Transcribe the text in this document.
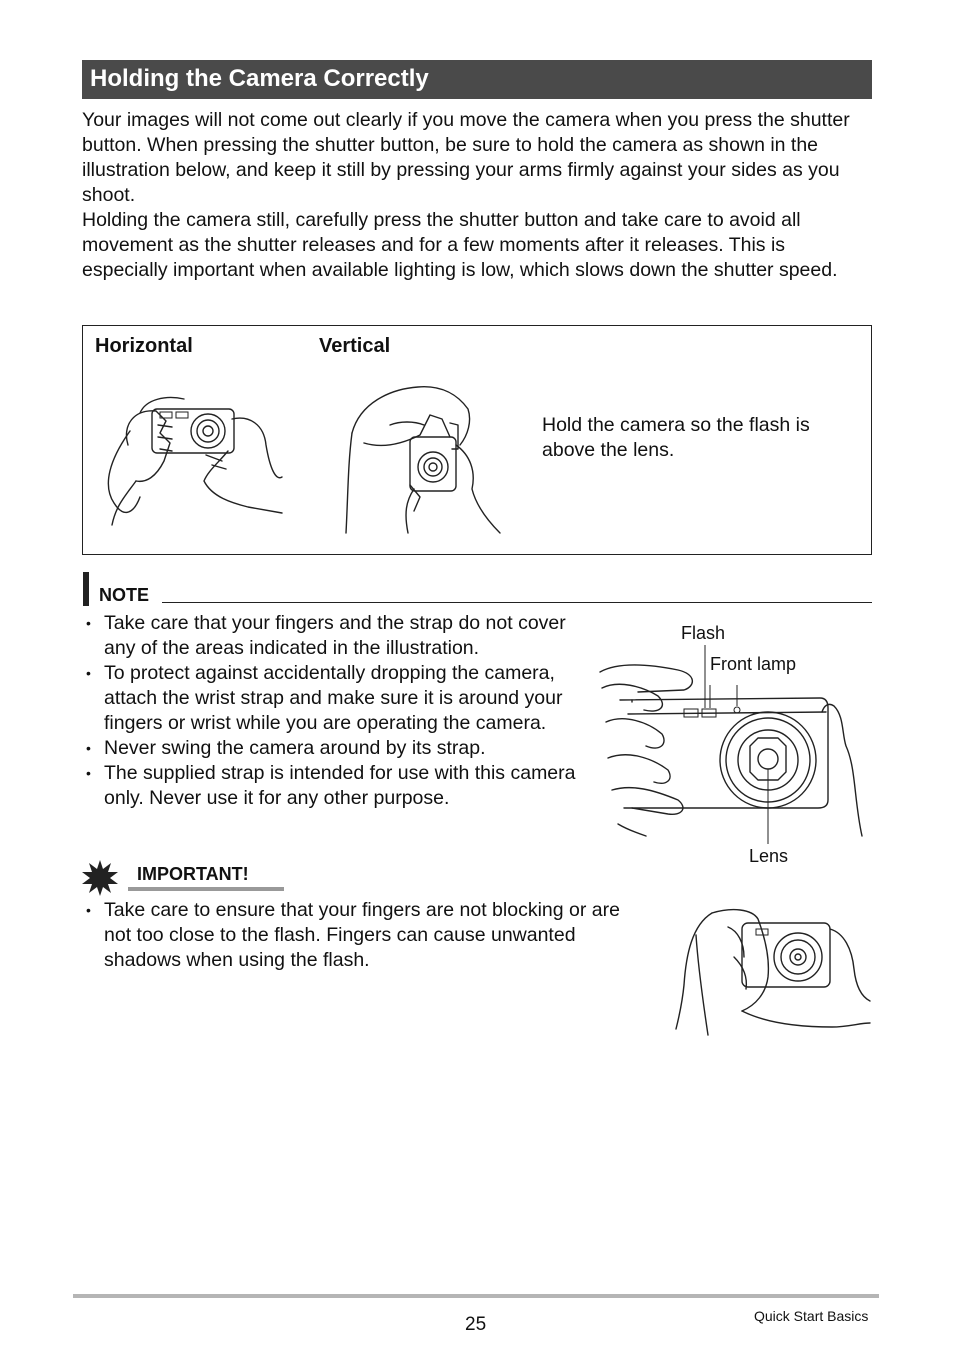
Holding the Camera Correctly

Your images will not come out clearly if you move the camera when you press the shutter button. When pressing the shutter button, be sure to hold the camera as shown in the illustration below, and keep it still by pressing your arms firmly against your sides as you shoot.

Holding the camera still, carefully press the shutter button and take care to avoid all movement as the shutter releases and for a few moments after it releases. This is especially important when available lighting is low, which slows down the shutter speed.

Horizontal	Vertical
Hold the camera so the flash is above the lens.
NOTE
• Take care that your fingers and the strap do not cover any of the areas indicated in the illustration.
• To protect against accidentally dropping the camera, attach the wrist strap and make sure it is around your fingers or wrist while you are operating the camera.
• Never swing the camera around by its strap.
• The supplied strap is intended for use with this camera only. Never use it for any other purpose.
Flash
Front lamp
Lens
IMPORTANT!
• Take care to ensure that your fingers are not blocking or are not too close to the flash. Fingers can cause unwanted shadows when using the flash.
25	Quick Start Basics
